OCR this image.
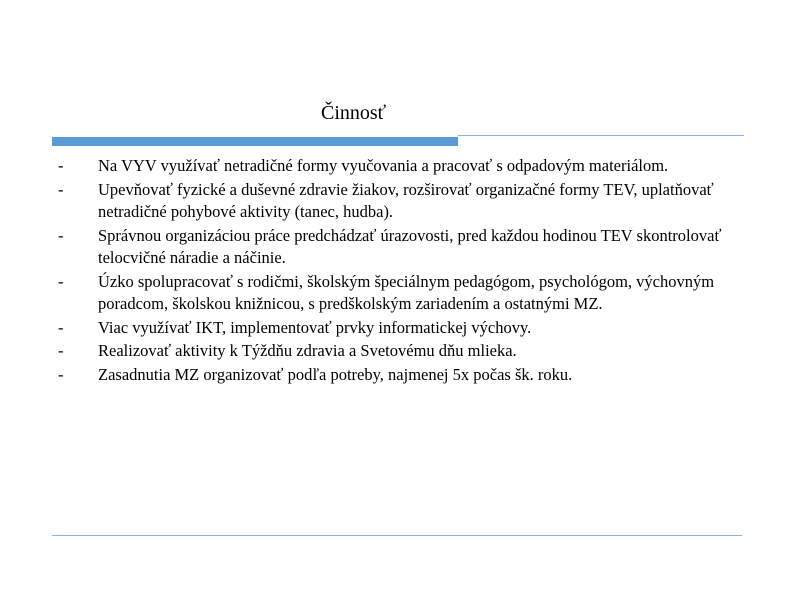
Činnosť
- Na VYV využívať netradičné formy vyučovania a pracovať s odpadovým materiálom.
- Upevňovať fyzické a duševné zdravie žiakov, rozširovať organizačné formy TEV, uplatňovať netradičné pohybové aktivity (tanec, hudba).
- Správnou organizáciou práce predchádzať úrazovosti, pred každou hodinou TEV skontrolovať telocvičné náradie a náčinie.
- Úzko spolupracovať s rodičmi, školským špeciálnym pedagógom, psychológom, výchovným poradcom, školskou knižnicou, s predškolským zariadením a ostatnými MZ.
- Viac využívať IKT, implementovať prvky informatickej výchovy.
- Realizovať aktivity k Týždňu zdravia a Svetovému dňu mlieka.
- Zasadnutia MZ organizovať podľa potreby, najmenej 5x počas šk. roku.
